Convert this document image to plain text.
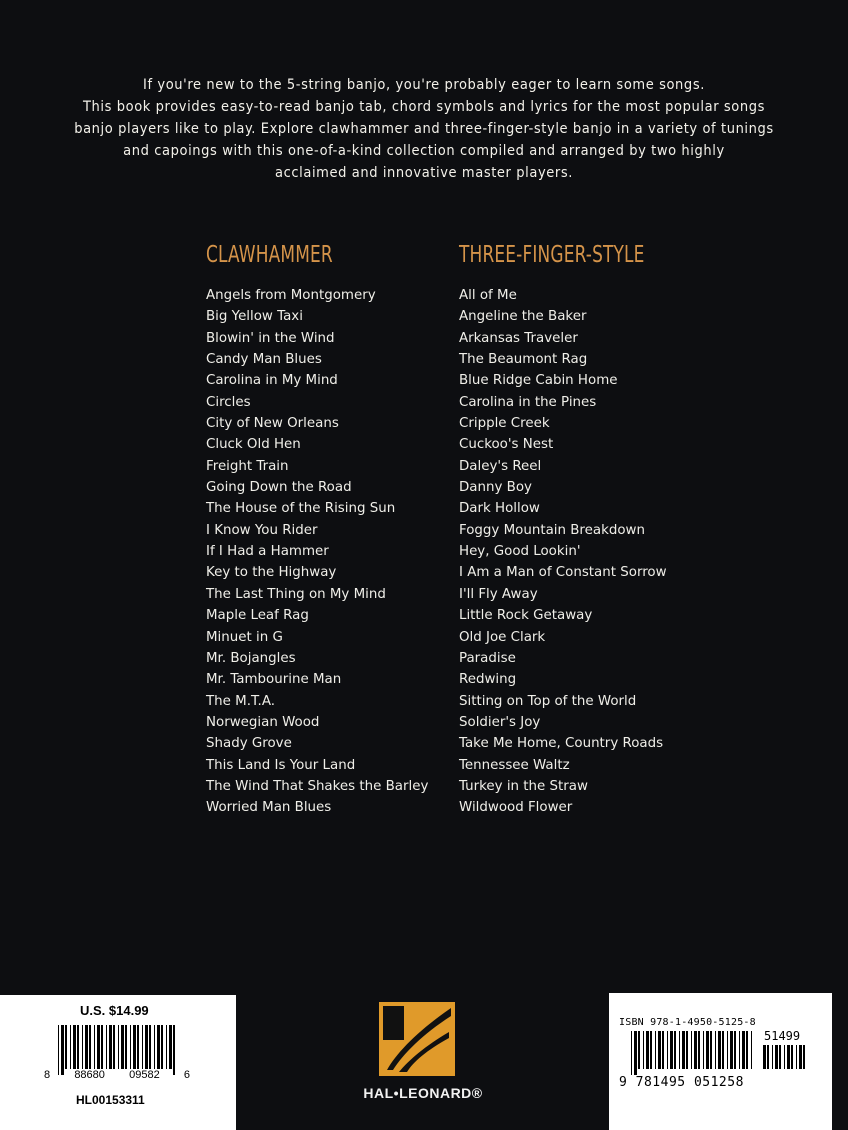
If you're new to the 5-string banjo, you're probably eager to learn some songs.
This book provides easy-to-read banjo tab, chord symbols and lyrics for the most popular songs
banjo players like to play. Explore clawhammer and three-finger-style banjo in a variety of tunings
and capoings with this one-of-a-kind collection compiled and arranged by two highly
acclaimed and innovative master players.
CLAWHAMMER
Angels from Montgomery
Big Yellow Taxi
Blowin' in the Wind
Candy Man Blues
Carolina in My Mind
Circles
City of New Orleans
Cluck Old Hen
Freight Train
Going Down the Road
The House of the Rising Sun
I Know You Rider
If I Had a Hammer
Key to the Highway
The Last Thing on My Mind
Maple Leaf Rag
Minuet in G
Mr. Bojangles
Mr. Tambourine Man
The M.T.A.
Norwegian Wood
Shady Grove
This Land Is Your Land
The Wind That Shakes the Barley
Worried Man Blues
THREE-FINGER-STYLE
All of Me
Angeline the Baker
Arkansas Traveler
The Beaumont Rag
Blue Ridge Cabin Home
Carolina in the Pines
Cripple Creek
Cuckoo's Nest
Daley's Reel
Danny Boy
Dark Hollow
Foggy Mountain Breakdown
Hey, Good Lookin'
I Am a Man of Constant Sorrow
I'll Fly Away
Little Rock Getaway
Old Joe Clark
Paradise
Redwing
Sitting on Top of the World
Soldier's Joy
Take Me Home, Country Roads
Tennessee Waltz
Turkey in the Straw
Wildwood Flower
U.S. $14.99
8 88680 09582 6
HL00153311	HAL•LEONARD®
ISBN 978-1-4950-5125-8
51499
9 781495 051258
